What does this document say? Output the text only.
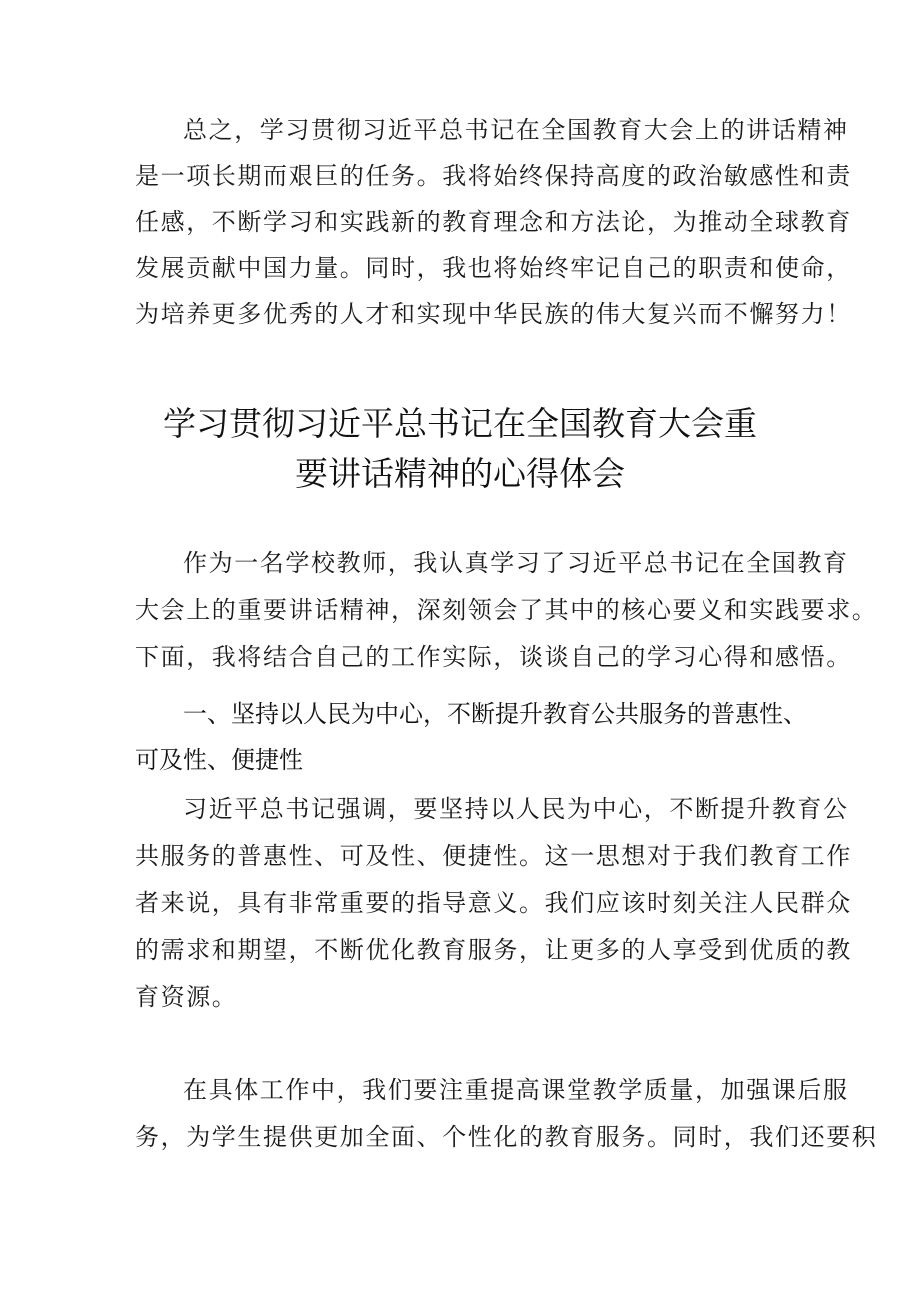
总之，学习贯彻习近平总书记在全国教育大会上的讲话精神
是一项长期而艰巨的任务。我将始终保持高度的政治敏感性和责
任感，不断学习和实践新的教育理念和方法论，为推动全球教育
发展贡献中国力量。同时，我也将始终牢记自己的职责和使命，
为培养更多优秀的人才和实现中华民族的伟大复兴而不懈努力！
学习贯彻习近平总书记在全国教育大会重
要讲话精神的心得体会
作为一名学校教师，我认真学习了习近平总书记在全国教育
大会上的重要讲话精神，深刻领会了其中的核心要义和实践要求。
下面，我将结合自己的工作实际，谈谈自己的学习心得和感悟。
一、坚持以人民为中心，不断提升教育公共服务的普惠性、
可及性、便捷性
习近平总书记强调，要坚持以人民为中心，不断提升教育公
共服务的普惠性、可及性、便捷性。这一思想对于我们教育工作
者来说，具有非常重要的指导意义。我们应该时刻关注人民群众
的需求和期望，不断优化教育服务，让更多的人享受到优质的教
育资源。
在具体工作中，我们要注重提高课堂教学质量，加强课后服
务，为学生提供更加全面、个性化的教育服务。同时，我们还要积
